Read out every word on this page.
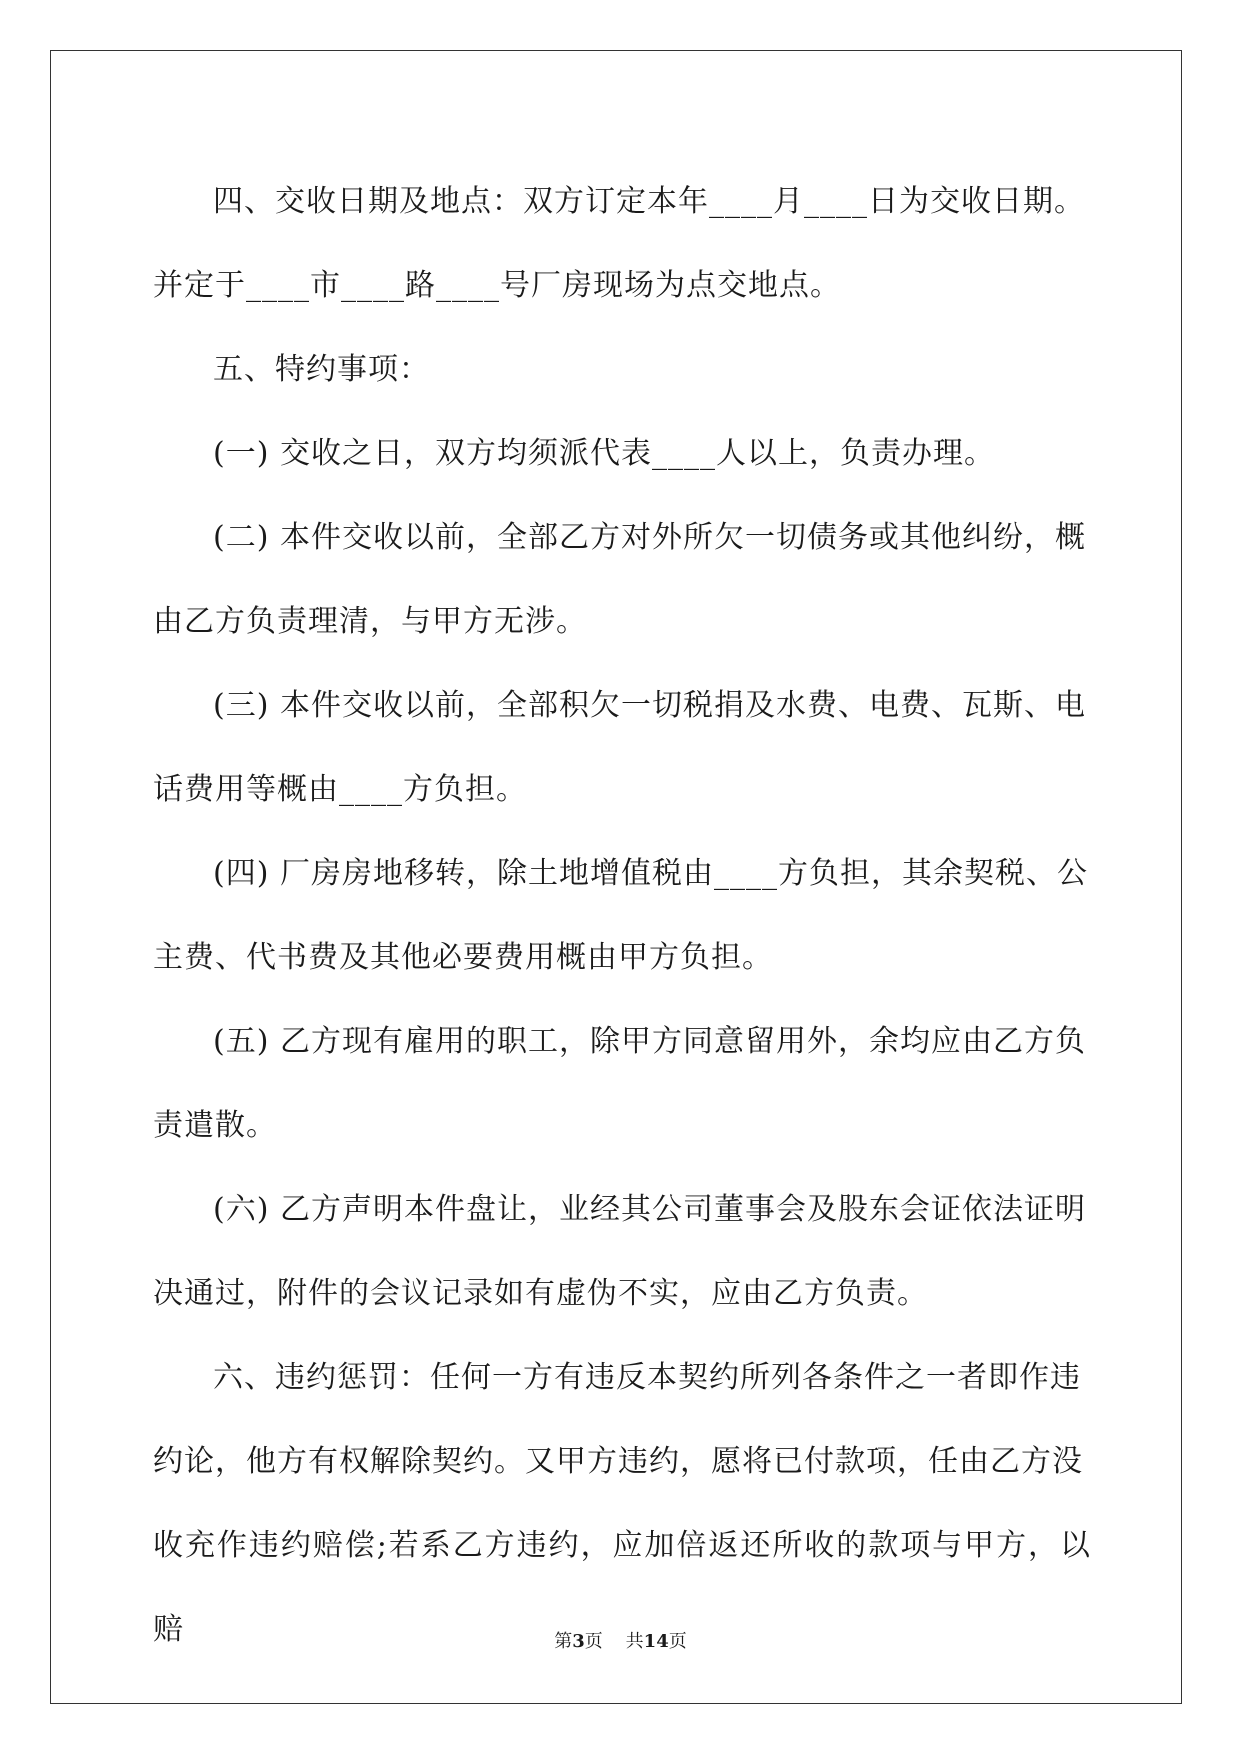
四、交收日期及地点：双方订定本年____月____日为交收日期。

并定于____市____路____号厂房现场为点交地点。

五、特约事项：

(一) 交收之日，双方均须派代表____人以上，负责办理。

(二) 本件交收以前，全部乙方对外所欠一切债务或其他纠纷，概

由乙方负责理清，与甲方无涉。

(三) 本件交收以前，全部积欠一切税捐及水费、电费、瓦斯、电

话费用等概由____方负担。

(四) 厂房房地移转，除土地增值税由____方负担，其余契税、公

主费、代书费及其他必要费用概由甲方负担。

(五) 乙方现有雇用的职工，除甲方同意留用外，余均应由乙方负

责遣散。

(六) 乙方声明本件盘让，业经其公司董事会及股东会证依法证明

决通过，附件的会议记录如有虚伪不实，应由乙方负责。

六、违约惩罚：任何一方有违反本契约所列各条件之一者即作违

约论，他方有权解除契约。又甲方违约，愿将已付款项，任由乙方没

收充作违约赔偿;若系乙方违约，应加倍返还所收的款项与甲方，以赔	第3页 共14页
